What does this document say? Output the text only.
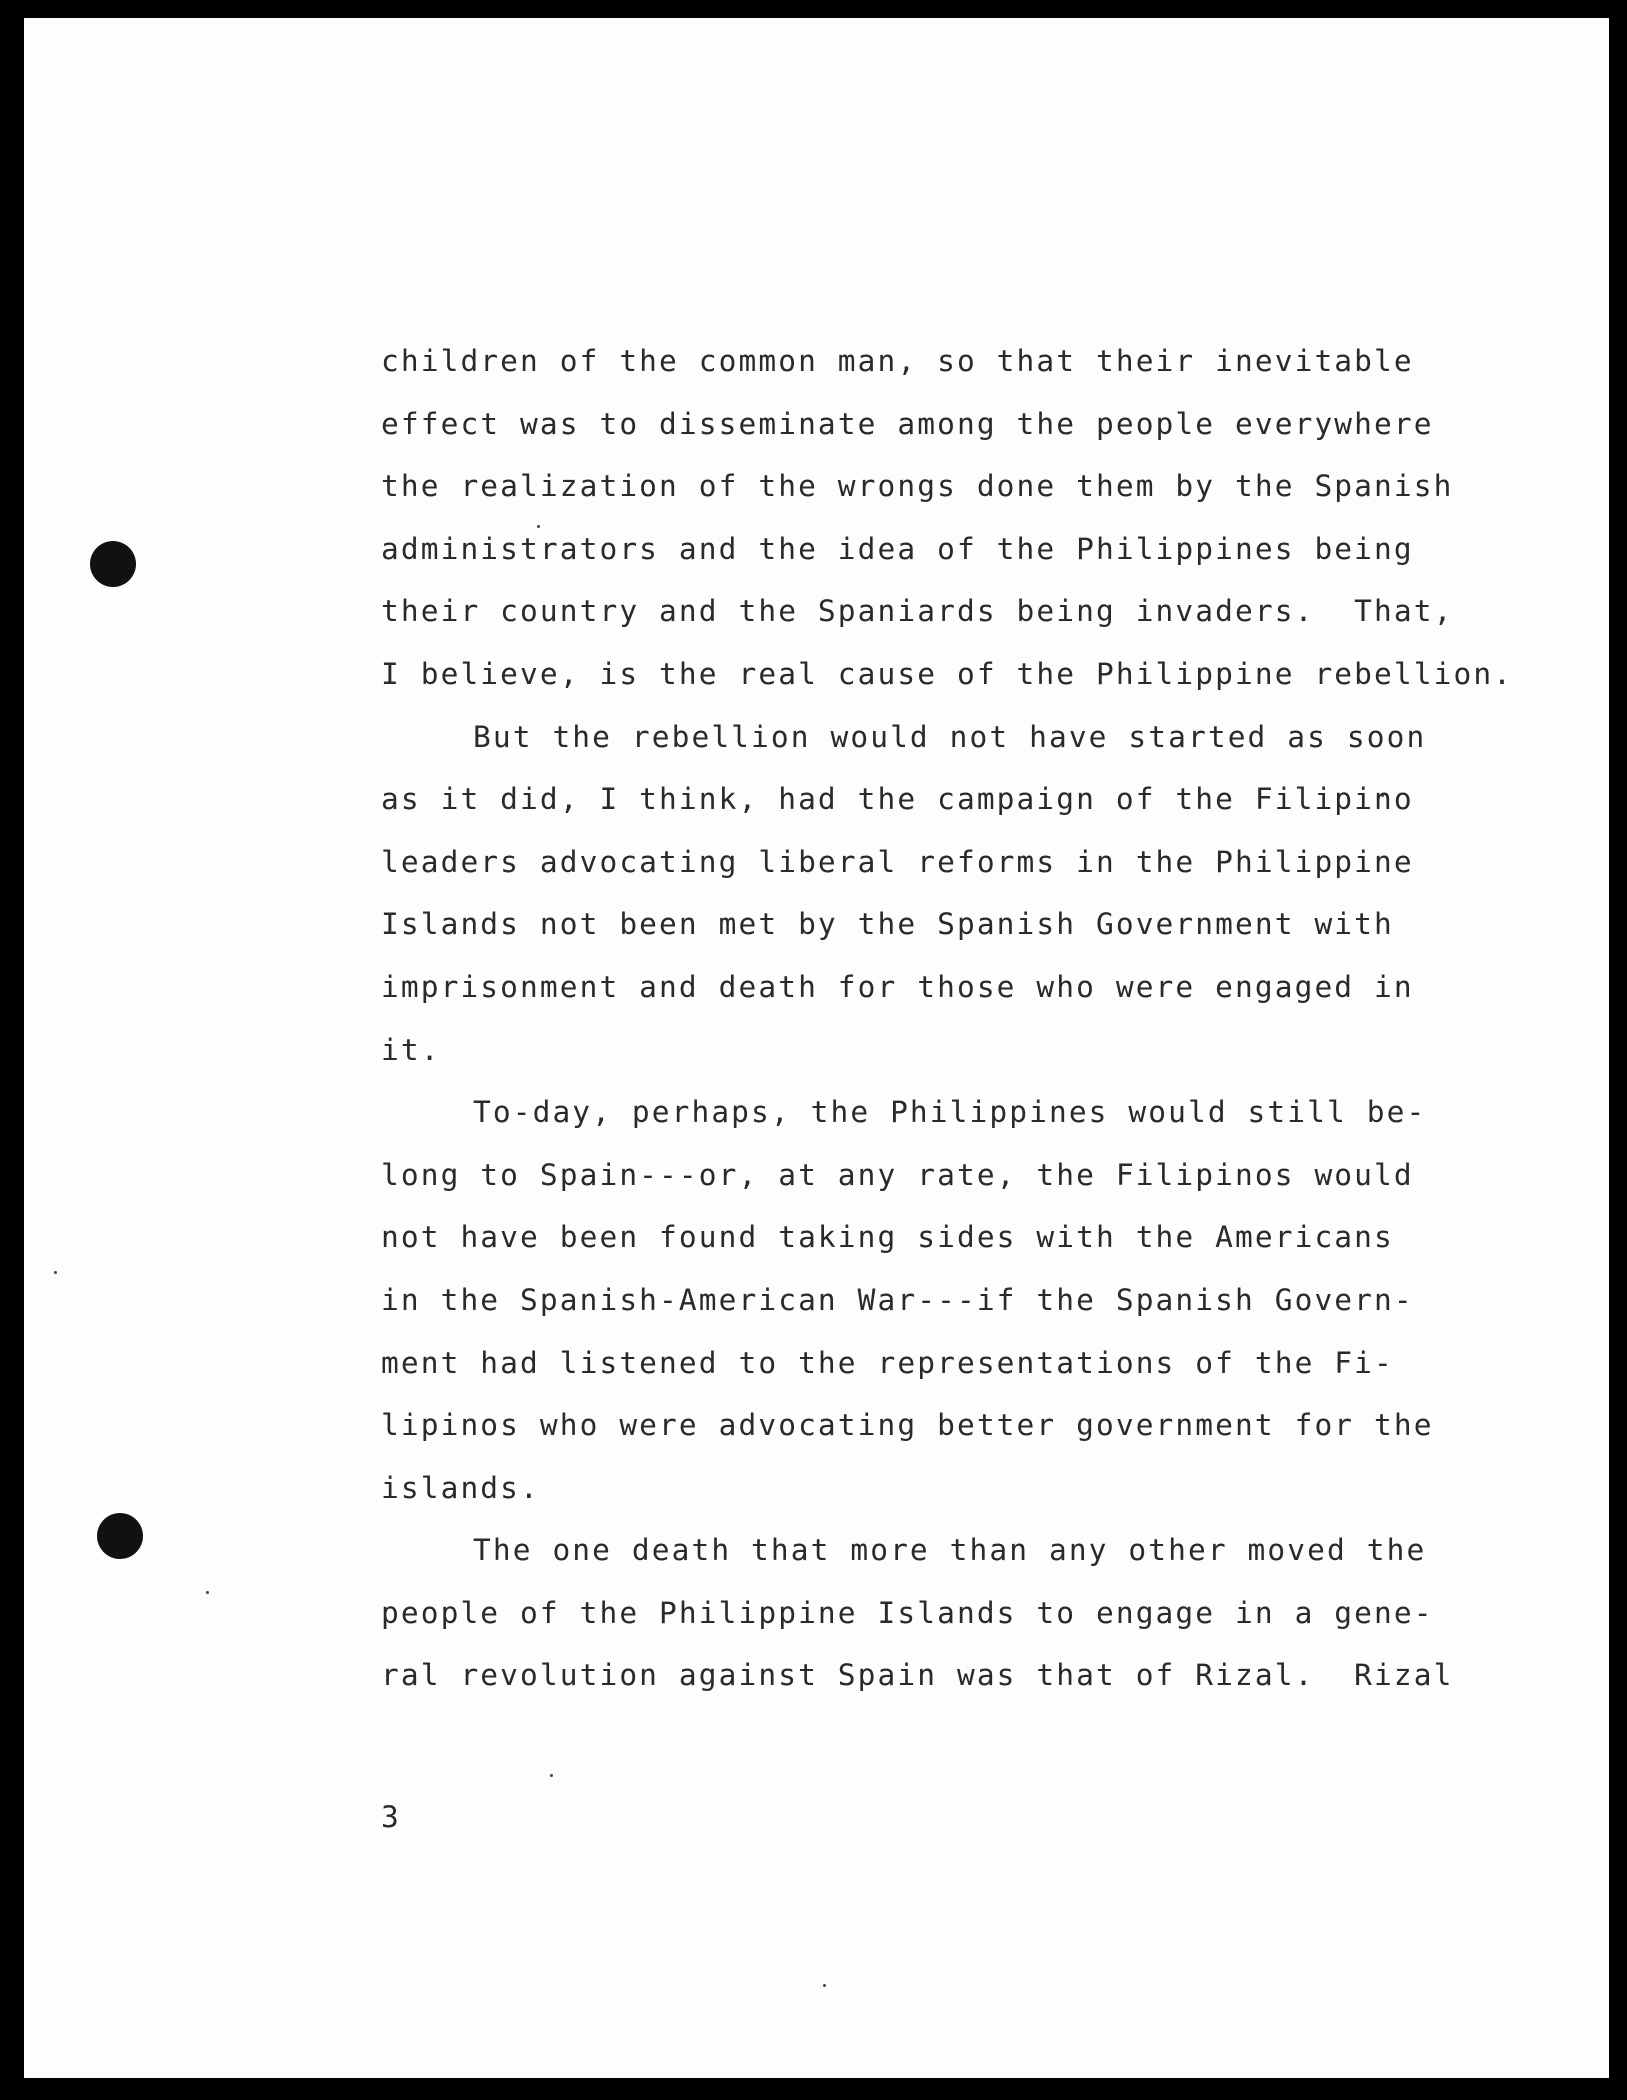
children of the common man, so that their inevitable
effect was to disseminate among the people everywhere
the realization of the wrongs done them by the Spanish
administrators and the idea of the Philippines being
their country and the Spaniards being invaders.  That,
I believe, is the real cause of the Philippine rebellion.
But the rebellion would not have started as soon
as it did, I think, had the campaign of the Filipino
leaders advocating liberal reforms in the Philippine
Islands not been met by the Spanish Government with
imprisonment and death for those who were engaged in
it.
To-day, perhaps, the Philippines would still be-
long to Spain---or, at any rate, the Filipinos would
not have been found taking sides with the Americans
in the Spanish-American War---if the Spanish Govern-
ment had listened to the representations of the Fi-
lipinos who were advocating better government for the
islands.
The one death that more than any other moved the
people of the Philippine Islands to engage in a gene-
ral revolution against Spain was that of Rizal.  Rizal
3
